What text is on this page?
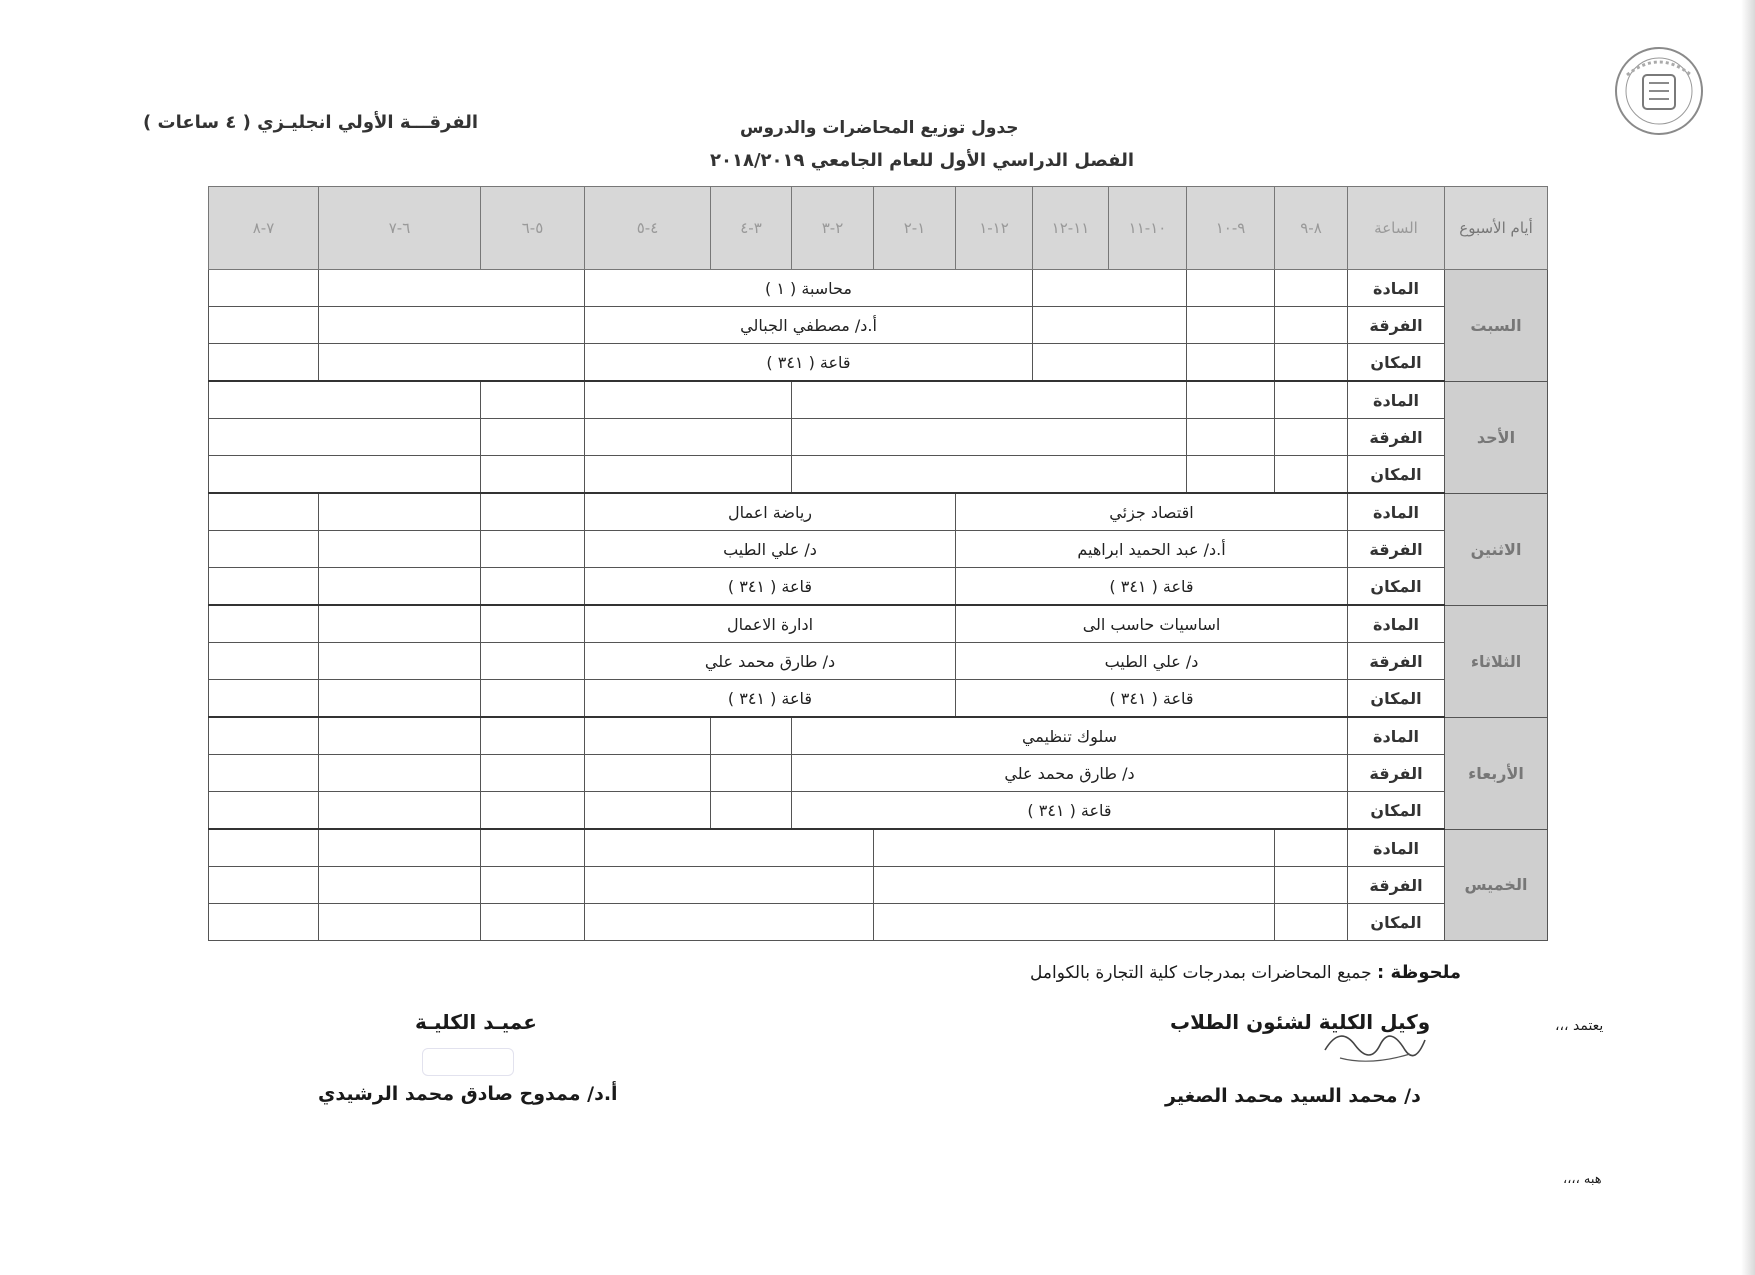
الفرقـــة الأولي انجليـزي ( ٤ ساعات )	جدول توزيع المحاضرات والدروس
الفصل الدراسي الأول للعام الجامعي ٢٠١٨/٢٠١٩
أيام الأسبوع	الساعة	٨-٩	٩-١٠	١٠-١١	١١-١٢	١٢-١	١-٢	٢-٣	٣-٤	٤-٥	٥-٦	٦-٧	٧-٨
السبت	المادة					محاسبة ( ١ )							
	الفرقة					أ.د/ مصطفي الجبالي							
	المكان					قاعة ( ٣٤١ )							
الأحد	المادة												
	الفرقة												
	المكان												
الاثنين	المادة	اقتصاد جزئي					رياضة اعمال						
	الفرقة	أ.د/ عبد الحميد ابراهيم					د/ علي الطيب						
	المكان	قاعة ( ٣٤١ )					قاعة ( ٣٤١ )						
الثلاثاء	المادة	اساسيات حاسب الى					ادارة الاعمال						
	الفرقة	د/ علي الطيب					د/ طارق محمد علي						
	المكان	قاعة ( ٣٤١ )					قاعة ( ٣٤١ )						
الأربعاء	المادة	سلوك تنظيمي											
	الفرقة	د/ طارق محمد علي											
	المكان	قاعة ( ٣٤١ )											
الخميس	المادة												
	الفرقة												
	المكان												
ملحوظة : جميع المحاضرات بمدرجات كلية التجارة بالكوامل
يعتمد ،،،
وكيل الكلية لشئون الطلاب
د/ محمد السيد محمد الصغير
عميـد الكليـة
أ.د/ ممدوح صادق محمد الرشيدي
هبه ،،،،
